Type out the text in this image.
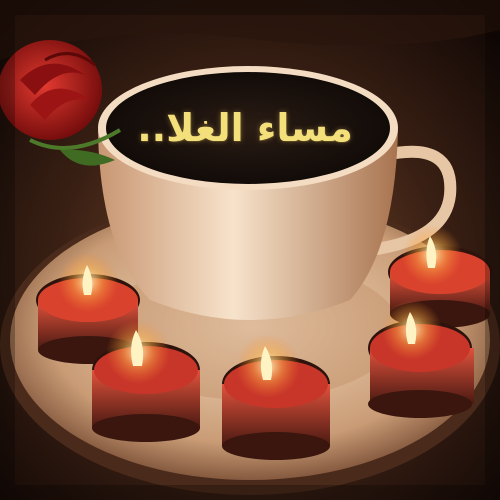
مساء الغلا..
